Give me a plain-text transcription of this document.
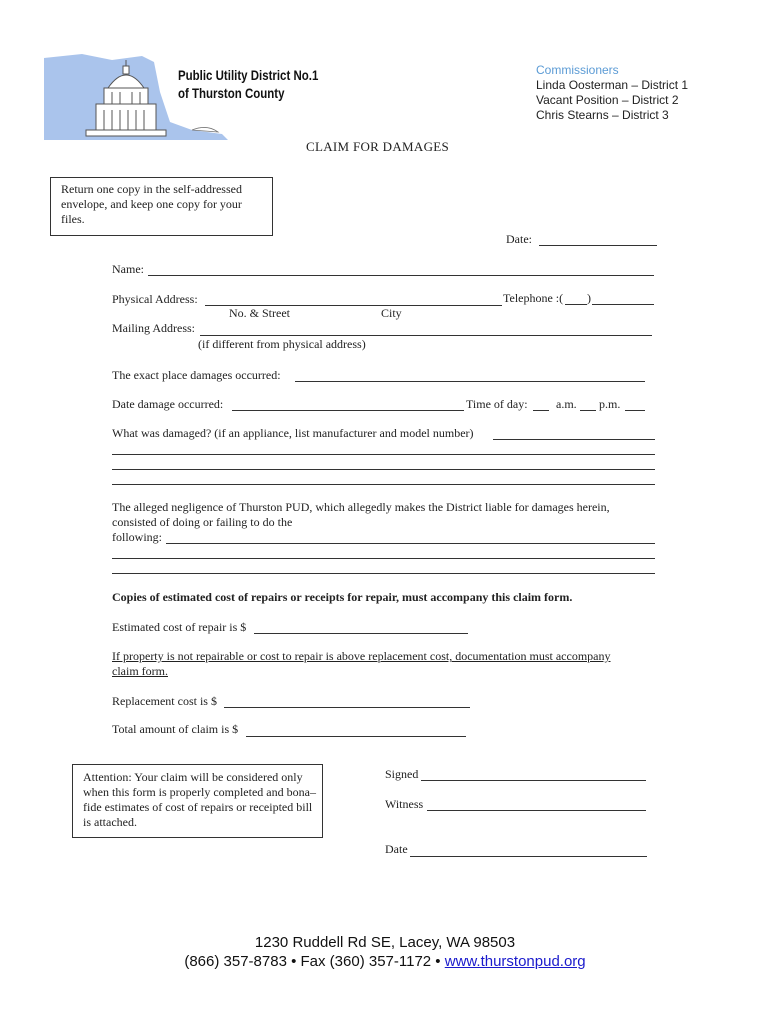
Public Utility District No.1
of Thurston County
Commissioners
Linda Oosterman – District 1
Vacant Position – District 2
Chris Stearns – District 3
CLAIM FOR DAMAGES
Return one copy in the self-addressed envelope, and keep one copy for your files.
Date:
Name:
Physical Address:	Telephone :( )
No. & Street	City
Mailing Address:
(if different from physical address)
The exact place damages occurred:
Date damage occurred:	Time of day: a.m. p.m.
What was damaged? (if an appliance, list manufacturer and model number)
The alleged negligence of Thurston PUD, which allegedly makes the District liable for damages herein,
consisted of doing or failing to do the
following:
Copies of estimated cost of repairs or receipts for repair, must accompany this claim form.
Estimated cost of repair is $
If property is not repairable or cost to repair is above replacement cost, documentation must accompany
claim form.
Replacement cost is $
Total amount of claim is $
Attention: Your claim will be considered only when this form is properly completed and bona–fide estimates of cost of repairs or receipted bill is attached.
Signed
Witness
Date
1230 Ruddell Rd SE, Lacey, WA 98503
(866) 357-8783 • Fax (360) 357-1172 • www.thurstonpud.org
